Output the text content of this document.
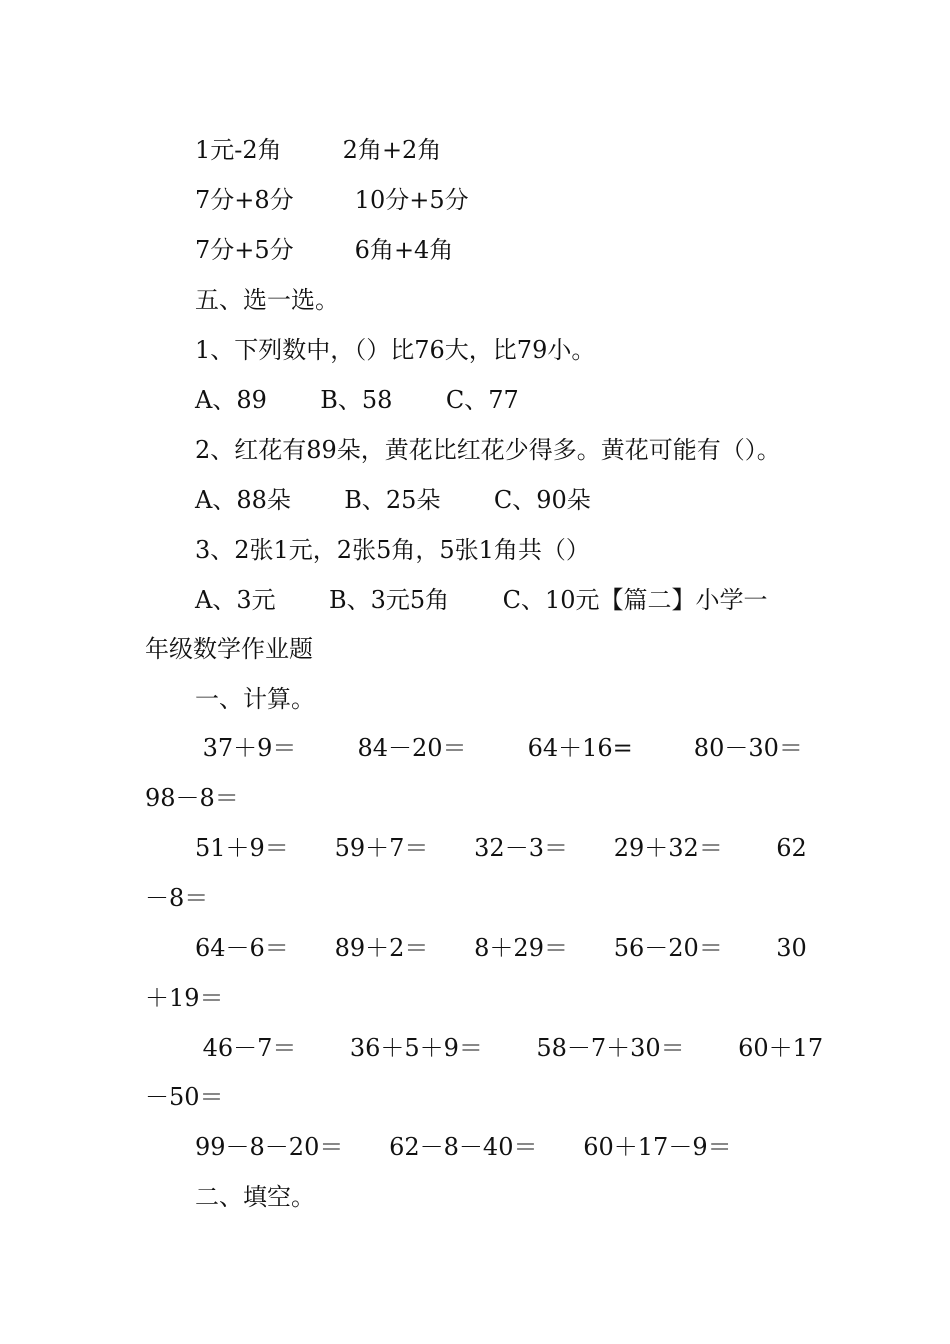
1元-2角        2角+2角
7分+8分        10分+5分
7分+5分        6角+4角
五、选一选。
1、下列数中，（）比76大，比79小。
A、89       B、58       C、77
2、红花有89朵，黄花比红花少得多。黄花可能有（）。
A、88朵       B、25朵       C、90朵
3、2张1元，2张5角，5张1角共（）
A、3元       B、3元5角       C、10元【篇二】小学一
年级数学作业题
一、计算。
37＋9＝        84－20＝        64＋16=        80－30＝
98－8＝
51＋9＝      59＋7＝      32－3＝      29＋32＝       62
－8＝
64－6＝      89＋2＝      8＋29＝      56－20＝       30
＋19＝
46－7＝       36＋5＋9＝       58－7＋30＝       60＋17
－50＝
99－8－20＝      62－8－40＝      60＋17－9＝
二、填空。
